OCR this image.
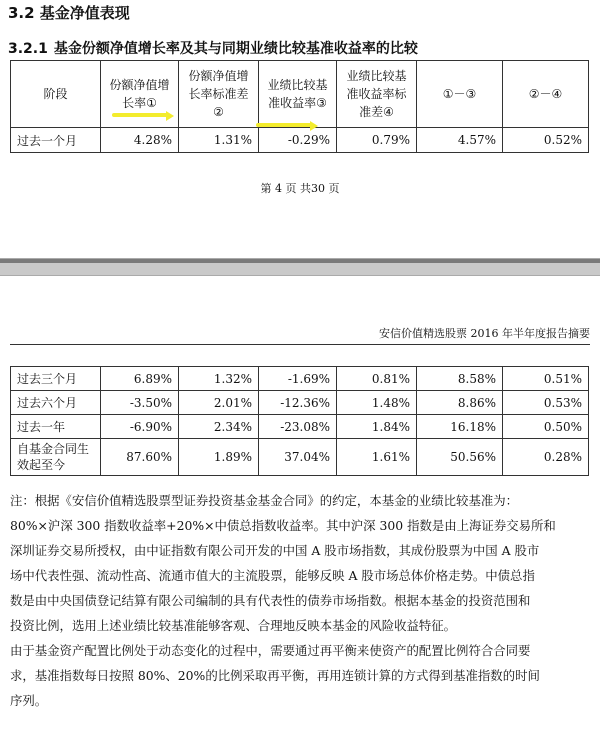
3.2 基金净值表现
3.2.1 基金份额净值增长率及其与同期业绩比较基准收益率的比较
阶段	份额净值增长率①	份额净值增长率标准差②	业绩比较基准收益率③	业绩比较基准收益率标准差④	①－③	②－④
过去一个月	4.28%	1.31%	-0.29%	0.79%	4.57%	0.52%
第 4 页 共30 页
安信价值精选股票 2016 年半年度报告摘要
过去三个月	6.89%	1.32%	-1.69%	0.81%	8.58%	0.51%
过去六个月	-3.50%	2.01%	-12.36%	1.48%	8.86%	0.53%
过去一年	-6.90%	2.34%	-23.08%	1.84%	16.18%	0.50%
自基金合同生效起至今	87.60%	1.89%	37.04%	1.61%	50.56%	0.28%
注：根据《安信价值精选股票型证券投资基金基金合同》的约定，本基金的业绩比较基准为：
80%×沪深 300 指数收益率+20%×中债总指数收益率。其中沪深 300 指数是由上海证券交易所和
深圳证券交易所授权，由中证指数有限公司开发的中国 A 股市场指数，其成份股票为中国 A 股市
场中代表性强、流动性高、流通市值大的主流股票，能够反映 A 股市场总体价格走势。中债总指
数是由中央国债登记结算有限公司编制的具有代表性的债券市场指数。根据本基金的投资范围和
投资比例，选用上述业绩比较基准能够客观、合理地反映本基金的风险收益特征。
由于基金资产配置比例处于动态变化的过程中，需要通过再平衡来使资产的配置比例符合合同要
求，基准指数每日按照 80%、20%的比例采取再平衡，再用连锁计算的方式得到基准指数的时间
序列。
